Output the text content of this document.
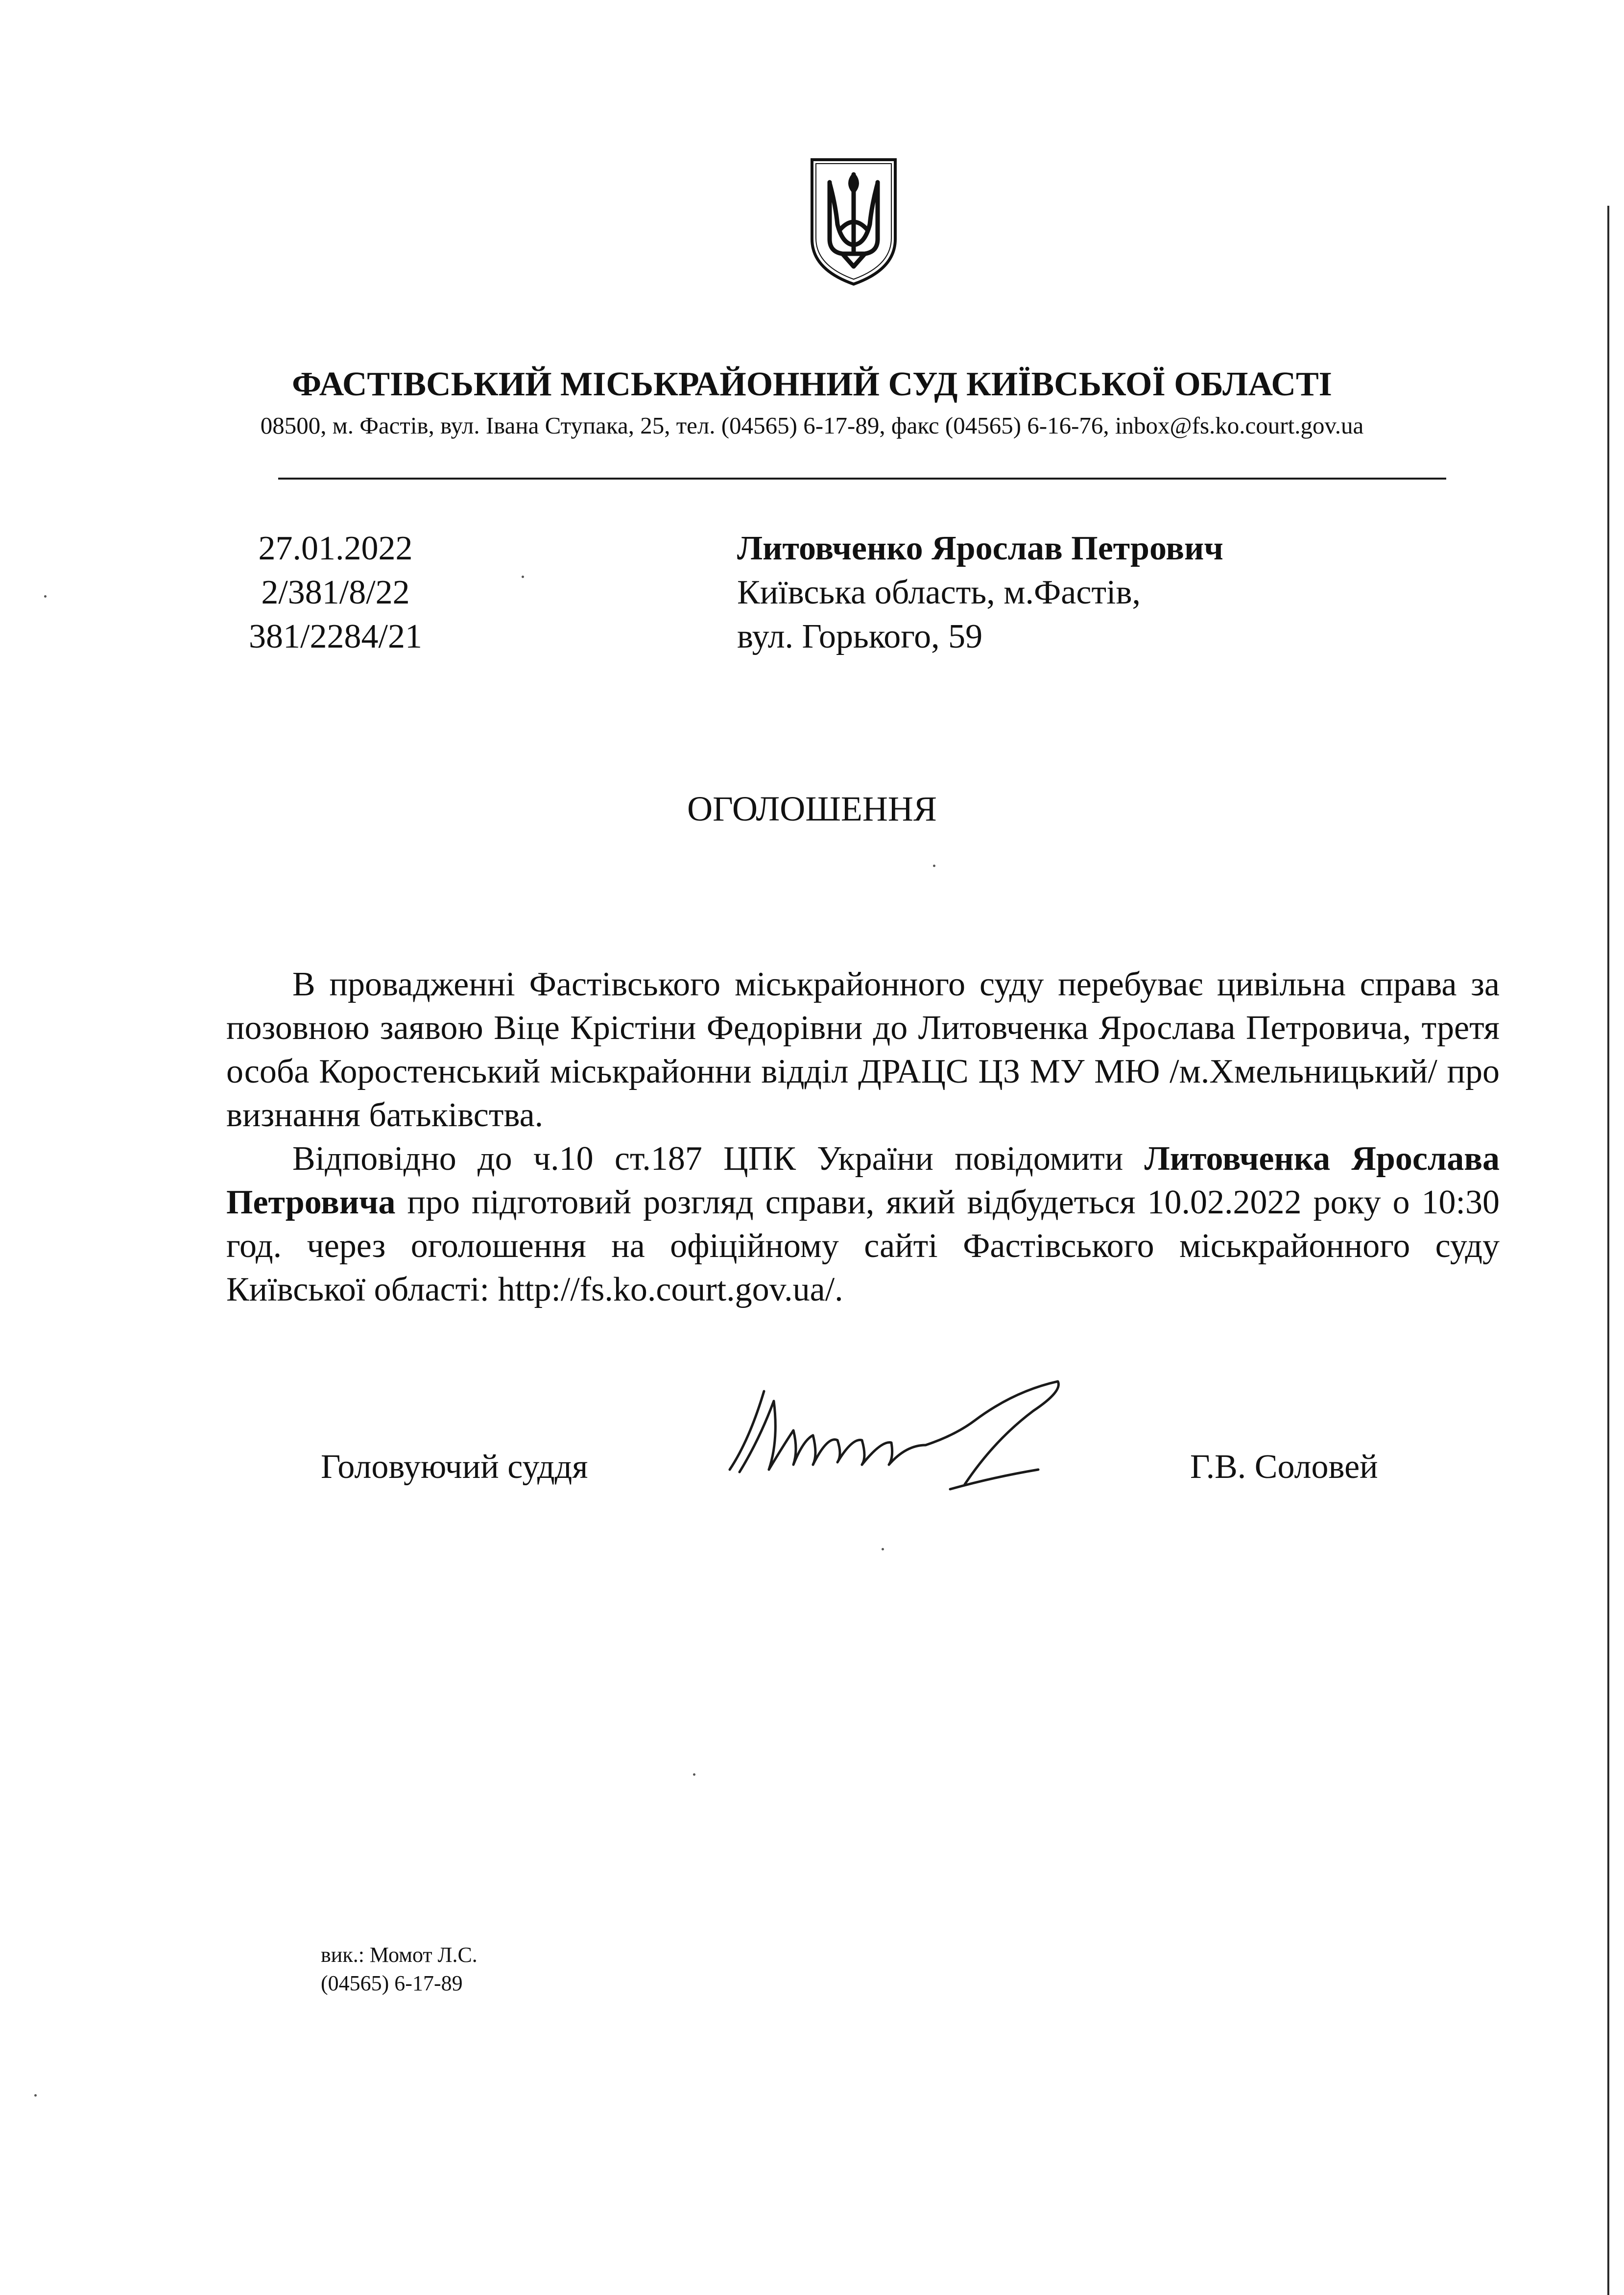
ФАСТІВСЬКИЙ МІСЬКРАЙОННИЙ СУД КИЇВСЬКОЇ ОБЛАСТІ
08500, м. Фастів, вул. Івана Ступака, 25, тел. (04565) 6-17-89, факс (04565) 6-16-76, inbox@fs.ko.court.gov.ua
27.01.2022
2/381/8/22
381/2284/21
Литовченко Ярослав Петрович
Київська область, м.Фастів,
вул. Горького, 59
ОГОЛОШЕННЯ

В провадженні Фастівського міськрайонного суду перебуває цивільна справа за позовною заявою Віце Крістіни Федорівни до Литовченка Ярослава Петровича, третя особа Коростенський міськрайонни відділ ДРАЦС ЦЗ МУ МЮ /м.Хмельницький/ про визнання батьківства.

Відповідно до ч.10 ст.187 ЦПК України повідомити Литовченка Ярослава Петровича про підготовий розгляд справи, який відбудеться 10.02.2022 року о 10:30 год. через оголошення на офіційному сайті Фастівського міськрайонного суду Київської області: http://fs.ko.court.gov.ua/.

Головуючий суддя	Г.В. Соловей
вик.: Момот Л.С.
(04565) 6-17-89
